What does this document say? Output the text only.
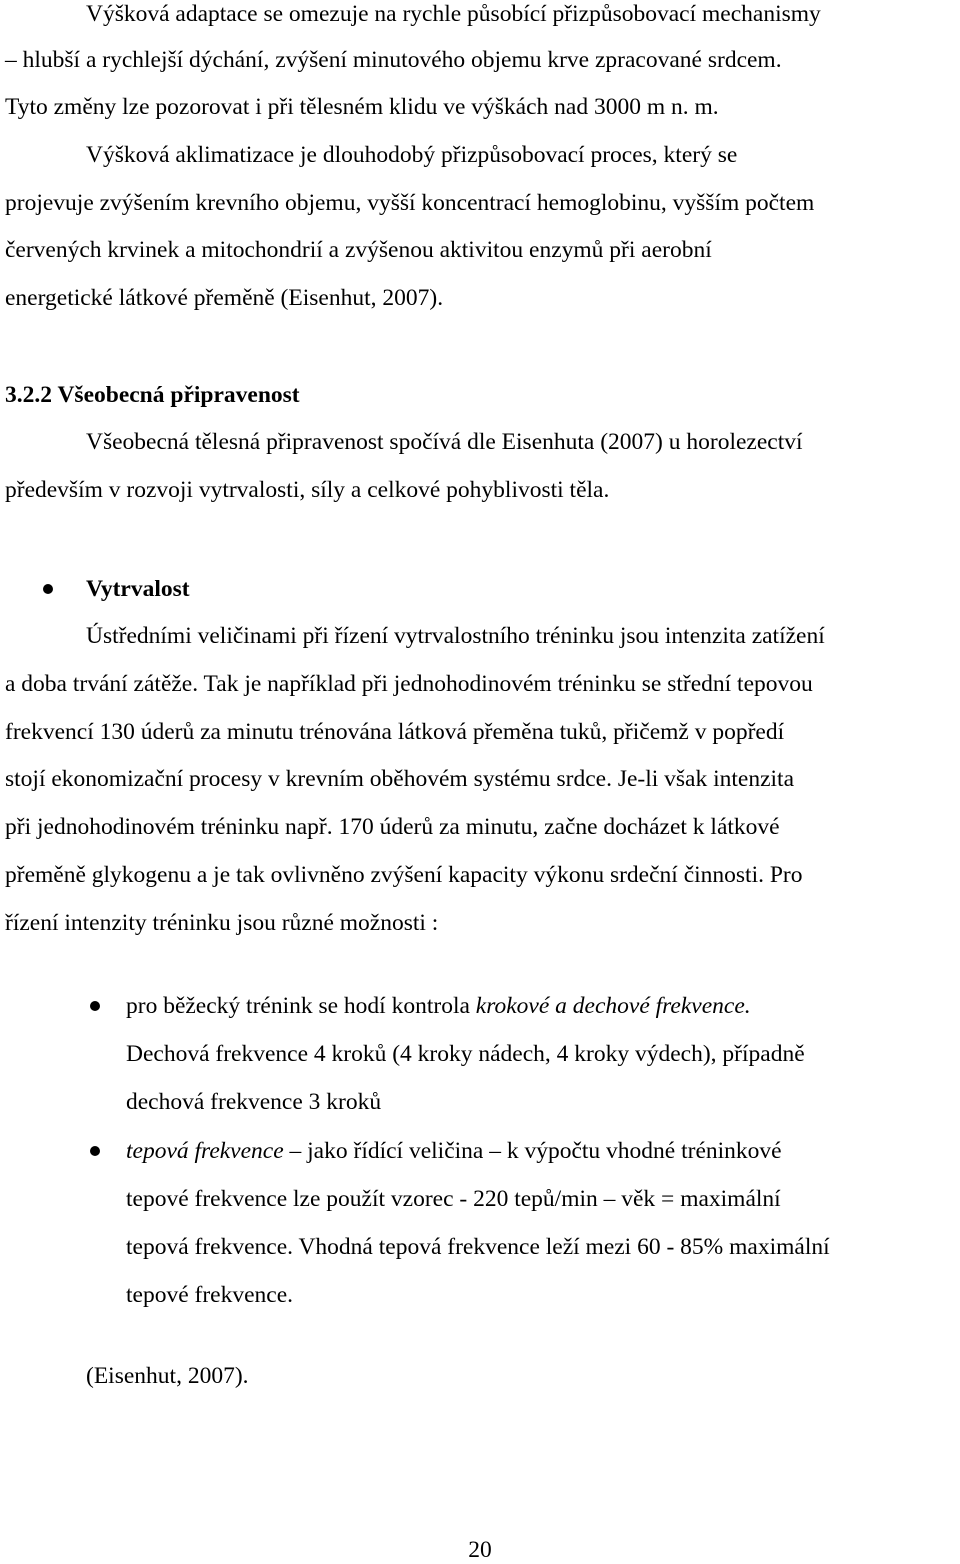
Výšková adaptace se omezuje na rychle působící přizpůsobovací mechanismy
– hlubší a rychlejší dýchání, zvýšení minutového objemu krve zpracované srdcem.
Tyto změny lze pozorovat i při tělesném klidu ve výškách nad 3000 m n. m.
Výšková aklimatizace je dlouhodobý přizpůsobovací proces, který se
projevuje zvýšením krevního objemu, vyšší koncentrací hemoglobinu, vyšším počtem
červených krvinek a mitochondrií a zvýšenou aktivitou enzymů při aerobní
energetické látkové přeměně (Eisenhut, 2007).
3.2.2 Všeobecná připravenost
Všeobecná tělesná připravenost spočívá dle Eisenhuta (2007) u horolezectví
především v rozvoji vytrvalosti, síly a celkové pohyblivosti těla.
Vytrvalost
Ústředními veličinami při řízení vytrvalostního tréninku jsou intenzita zatížení
a doba trvání zátěže. Tak je například při jednohodinovém tréninku se střední tepovou
frekvencí 130 úderů za minutu trénována látková přeměna tuků, přičemž v popředí
stojí ekonomizační procesy v krevním oběhovém systému srdce. Je-li však intenzita
při jednohodinovém tréninku např. 170 úderů za minutu, začne docházet k látkové
přeměně glykogenu a je tak ovlivněno zvýšení kapacity výkonu srdeční činnosti. Pro
řízení intenzity tréninku jsou různé možnosti :
pro běžecký trénink se hodí kontrola krokové a dechové frekvence.
Dechová frekvence 4 kroků (4 kroky nádech, 4 kroky výdech), případně
dechová frekvence 3 kroků
tepová frekvence – jako řídící veličina – k výpočtu vhodné tréninkové
tepové frekvence lze použít vzorec - 220 tepů/min – věk = maximální
tepová frekvence. Vhodná tepová frekvence leží mezi 60 - 85% maximální
tepové frekvence.
(Eisenhut, 2007).
20
